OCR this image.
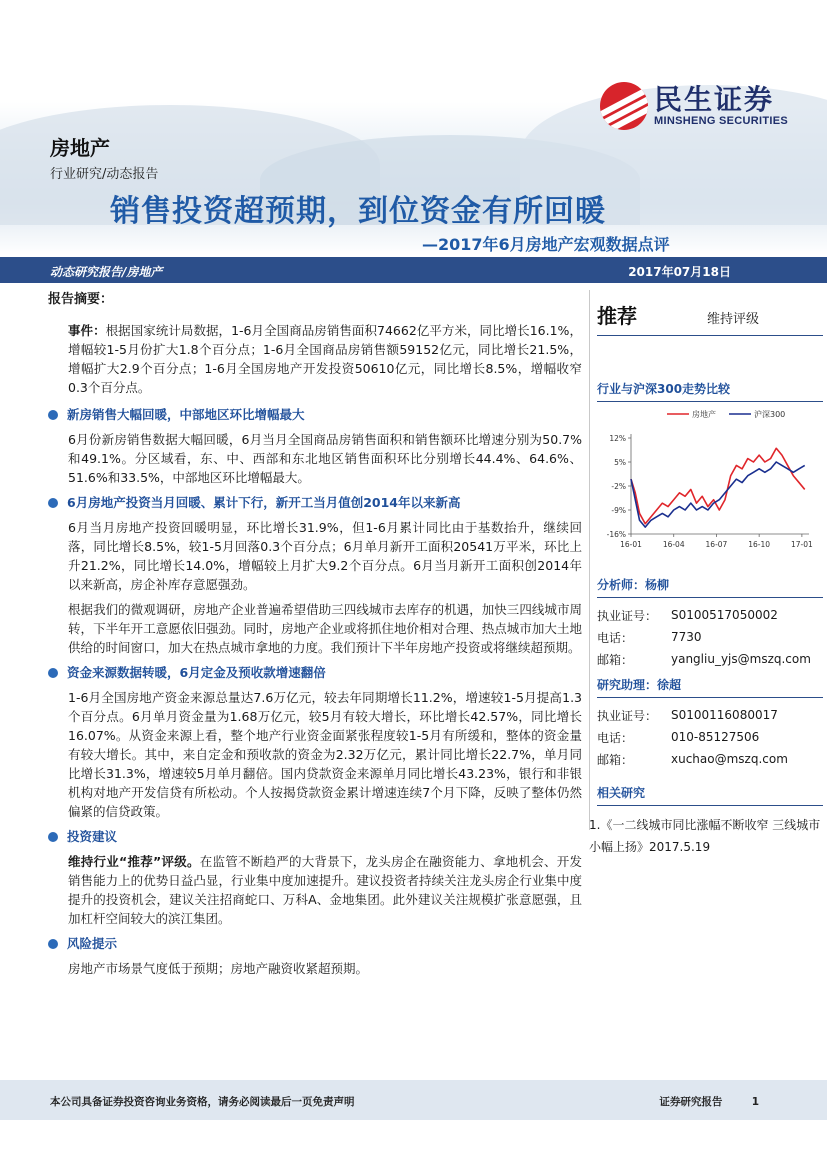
民生证券
MINSHENG SECURITIES
房地产
行业研究/动态报告
销售投资超预期，到位资金有所回暖
—2017年6月房地产宏观数据点评
动态研究报告/房地产	2017年07月18日
报告摘要：
事件：根据国家统计局数据，1-6月全国商品房销售面积74662亿平方米，同比增长16.1%，增幅较1-5月份扩大1.8个百分点；1-6月全国商品房销售额59152亿元，同比增长21.5%，增幅扩大2.9个百分点；1-6月全国房地产开发投资50610亿元，同比增长8.5%，增幅收窄0.3个百分点。
新房销售大幅回暖，中部地区环比增幅最大
6月份新房销售数据大幅回暖，6月当月全国商品房销售面积和销售额环比增速分别为50.7%和49.1%。分区域看，东、中、西部和东北地区销售面积环比分别增长44.4%、64.6%、51.6%和33.5%，中部地区环比增幅最大。
6月房地产投资当月回暖、累计下行，新开工当月值创2014年以来新高
6月当月房地产投资回暖明显，环比增长31.9%，但1-6月累计同比由于基数抬升，继续回落，同比增长8.5%，较1-5月回落0.3个百分点；6月单月新开工面积20541万平米，环比上升21.2%，同比增长14.0%，增幅较上月扩大9.2个百分点。6月当月新开工面积创2014年以来新高，房企补库存意愿强劲。
根据我们的微观调研，房地产企业普遍希望借助三四线城市去库存的机遇，加快三四线城市周转，下半年开工意愿依旧强劲。同时，房地产企业或将抓住地价相对合理、热点城市加大土地供给的时间窗口，加大在热点城市拿地的力度。我们预计下半年房地产投资或将继续超预期。
资金来源数据转暖，6月定金及预收款增速翻倍
1-6月全国房地产资金来源总量达7.6万亿元，较去年同期增长11.2%，增速较1-5月提高1.3个百分点。6月单月资金量为1.68万亿元，较5月有较大增长，环比增长42.57%，同比增长16.07%。从资金来源上看，整个地产行业资金面紧张程度较1-5月有所缓和，整体的资金量有较大增长。其中，来自定金和预收款的资金为2.32万亿元，累计同比增长22.7%，单月同比增长31.3%，增速较5月单月翻倍。国内贷款资金来源单月同比增长43.23%，银行和非银机构对地产开发信贷有所松动。个人按揭贷款资金累计增速连续7个月下降，反映了整体仍然偏紧的信贷政策。
投资建议
维持行业“推荐”评级。在监管不断趋严的大背景下，龙头房企在融资能力、拿地机会、开发销售能力上的优势日益凸显，行业集中度加速提升。建议投资者持续关注龙头房企行业集中度提升的投资机会，建议关注招商蛇口、万科A、金地集团。此外建议关注规模扩张意愿强，且加杠杆空间较大的滨江集团。
风险提示
房地产市场景气度低于预期；房地产融资收紧超预期。
推荐	维持评级
行业与沪深300走势比较
房地产	沪深300
12%
5%
-2%
-9%
-16%
16-01	16-04	16-07	16-10	17-01
分析师：杨柳
执业证号：	S0100517050002
电话：	7730
邮箱：	yangliu_yjs@mszq.com
研究助理：徐超
执业证号：	S0100116080017
电话：	010-85127506
邮箱：	xuchao@mszq.com
相关研究
1.《一二线城市同比涨幅不断收窄 三线城市小幅上扬》2017.5.19
本公司具备证券投资咨询业务资格，请务必阅读最后一页免责声明	证券研究报告	1
